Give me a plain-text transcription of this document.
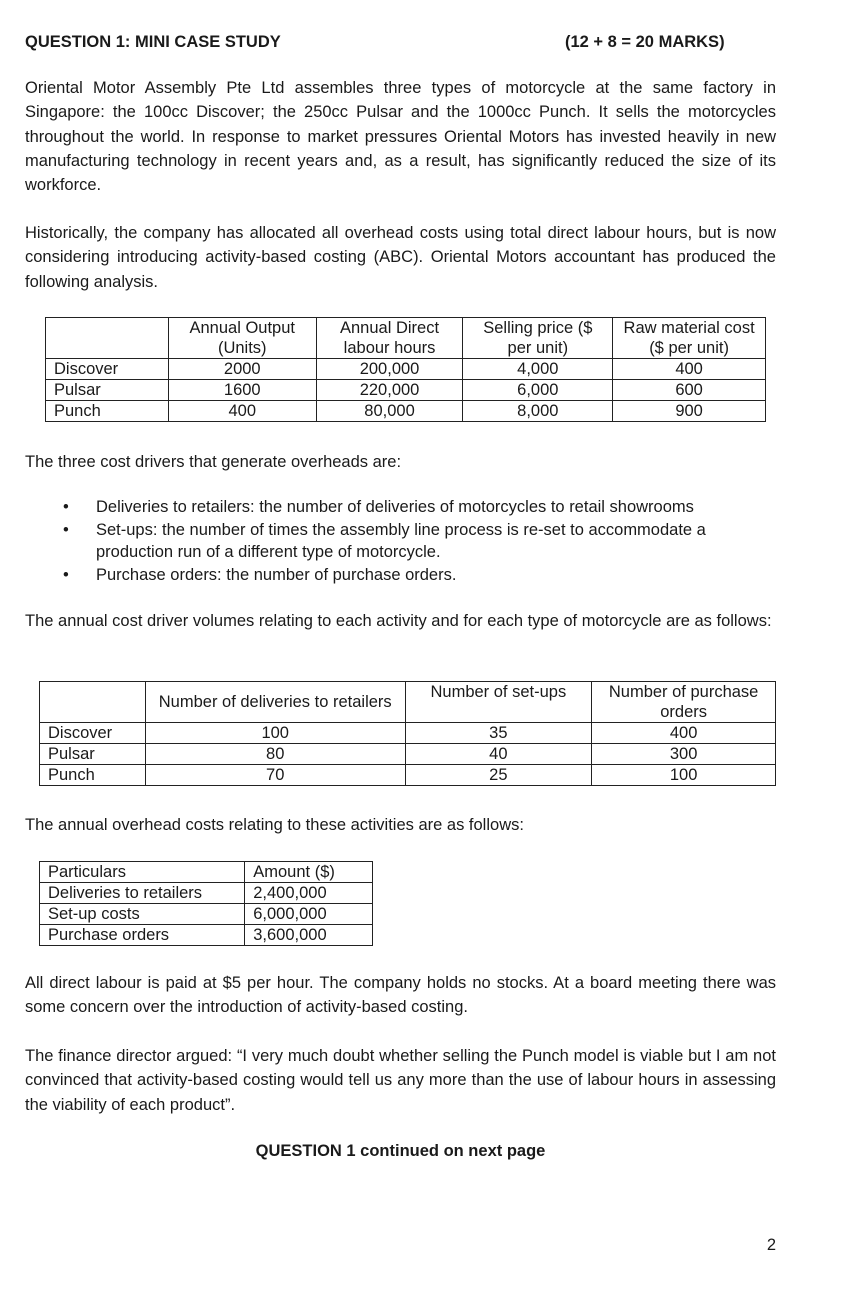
QUESTION 1: MINI CASE STUDY	(12 + 8 = 20 MARKS)

Oriental Motor Assembly Pte Ltd assembles three types of motorcycle at the same factory in Singapore: the 100cc Discover; the 250cc Pulsar and the 1000cc Punch. It sells the motorcycles throughout the world. In response to market pressures Oriental Motors has invested heavily in new manufacturing technology in recent years and, as a result, has significantly reduced the size of its workforce.

Historically, the company has allocated all overhead costs using total direct labour hours, but is now considering introducing activity-based costing (ABC). Oriental Motors accountant has produced the following analysis.

	Annual Output (Units)	Annual Direct labour hours	Selling price ($ per unit)	Raw material cost ($ per unit)
Discover	2000	200,000	4,000	400
Pulsar	1600	220,000	6,000	600
Punch	400	80,000	8,000	900

The three cost drivers that generate overheads are:

• Deliveries to retailers: the number of deliveries of motorcycles to retail showrooms
• Set-ups: the number of times the assembly line process is re-set to accommodate a production run of a different type of motorcycle.
• Purchase orders: the number of purchase orders.

The annual cost driver volumes relating to each activity and for each type of motorcycle are as follows:

	Number of deliveries to retailers	Number of set-ups	Number of purchase orders
Discover	100	35	400
Pulsar	80	40	300
Punch	70	25	100

The annual overhead costs relating to these activities are as follows:

Particulars	Amount ($)
Deliveries to retailers	2,400,000
Set-up costs	6,000,000
Purchase orders	3,600,000

All direct labour is paid at $5 per hour. The company holds no stocks. At a board meeting there was some concern over the introduction of activity-based costing.

The finance director argued: “I very much doubt whether selling the Punch model is viable but I am not convinced that activity-based costing would tell us any more than the use of labour hours in assessing the viability of each product”.

QUESTION 1 continued on next page
2
